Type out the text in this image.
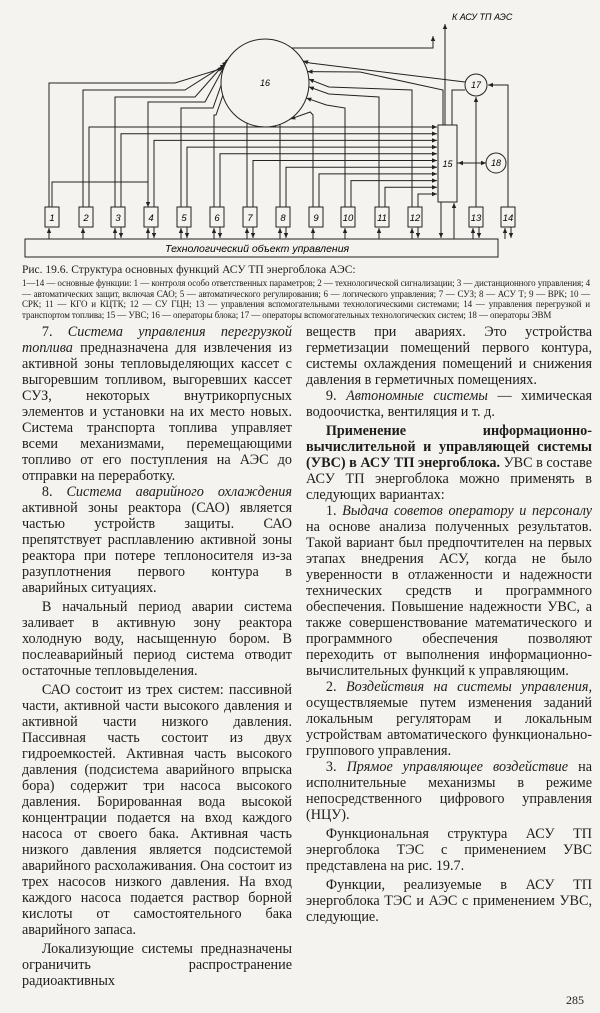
1	2	3	4	5	6	7	8	9	10	11 12	13 14
16
15
17
18
Технологический объект управления
К АСУ ТП АЭС
Рис. 19.6. Структура основных функций АСУ ТП энергоблока АЭС:
1—14 — основные функции: 1 — контроля особо ответственных параметров; 2 — технологической сигнализации; 3 — дистанционного управления; 4 — автоматических защит, включая САО; 5 — автоматического регулирования; 6 — логического управления; 7 — СУЗ; 8 — АСУ Т; 9 — ВРК; 10 — СРК; 11 — КГО и КЦТК; 12 — СУ ГЦН; 13 — управления вспомогательными технологическими системами; 14 — управления перегрузкой и транспортом топлива; 15 — УВС; 16 — операторы блока; 17 — операторы вспомогательных технологических систем; 18 — операторы ЭВМ

7. Система управления перегрузкой топлива предназначена для извлечения из активной зоны тепловыделяющих кассет с выгоревшим топливом, выгоревших кассет СУЗ, некоторых внутрикорпусных элементов и установки на их место новых. Система транспорта топлива управляет всеми механизмами, перемещающими топливо от его поступления на АЭС до отправки на переработку.

8. Система аварийного охлаждения активной зоны реактора (САО) является частью устройств защиты. САО препятствует расплавлению активной зоны реактора при потере теплоносителя из-за разуплотнения первого контура в аварийных ситуациях.

В начальный период аварии система заливает в активную зону реактора холодную воду, насыщенную бором. В послеаварийный период система отводит остаточные тепловыделения.

САО состоит из трех систем: пассивной части, активной части высокого давления и активной части низкого давления. Пассивная часть состоит из двух гидроемкостей. Активная часть высокого давления (подсистема аварийного впрыска бора) содержит три насоса высокого давления. Борированная вода высокой концентрации подается на вход каждого насоса от своего бака. Активная часть низкого давления является подсистемой аварийного расхолаживания. Она состоит из трех насосов низкого давления. На вход каждого насоса подается раствор борной кислоты от самостоятельного бака аварийного запаса.

Локализующие системы предназначены ограничить распространение радиоактивных

веществ при авариях. Это устройства герметизации помещений первого контура, системы охлаждения помещений и снижения давления в герметичных помещениях.

9. Автономные системы — химическая водоочистка, вентиляция и т. д.

Применение информационно-вычислительной и управляющей системы (УВС) в АСУ ТП энергоблока. УВС в составе АСУ ТП энергоблока можно применять в следующих вариантах:

1. Выдача советов оператору и персоналу на основе анализа полученных результатов. Такой вариант был предпочтителен на первых этапах внедрения АСУ, когда не было уверенности в отлаженности и надежности технических средств и программного обеспечения. Повышение надежности УВС, а также совершенствование математического и программного обеспечения позволяют переходить от выполнения информационно-вычислительных функций к управляющим.

2. Воздействия на системы управления, осуществляемые путем изменения заданий локальным регуляторам и локальным устройствам автоматического функционально-группового управления.

3. Прямое управляющее воздействие на исполнительные механизмы в режиме непосредственного цифрового управления (НЦУ).

Функциональная структура АСУ ТП энергоблока ТЭС с применением УВС представлена на рис. 19.7.

Функции, реализуемые в АСУ ТП энергоблока ТЭС и АЭС с применением УВС, следующие.

285
